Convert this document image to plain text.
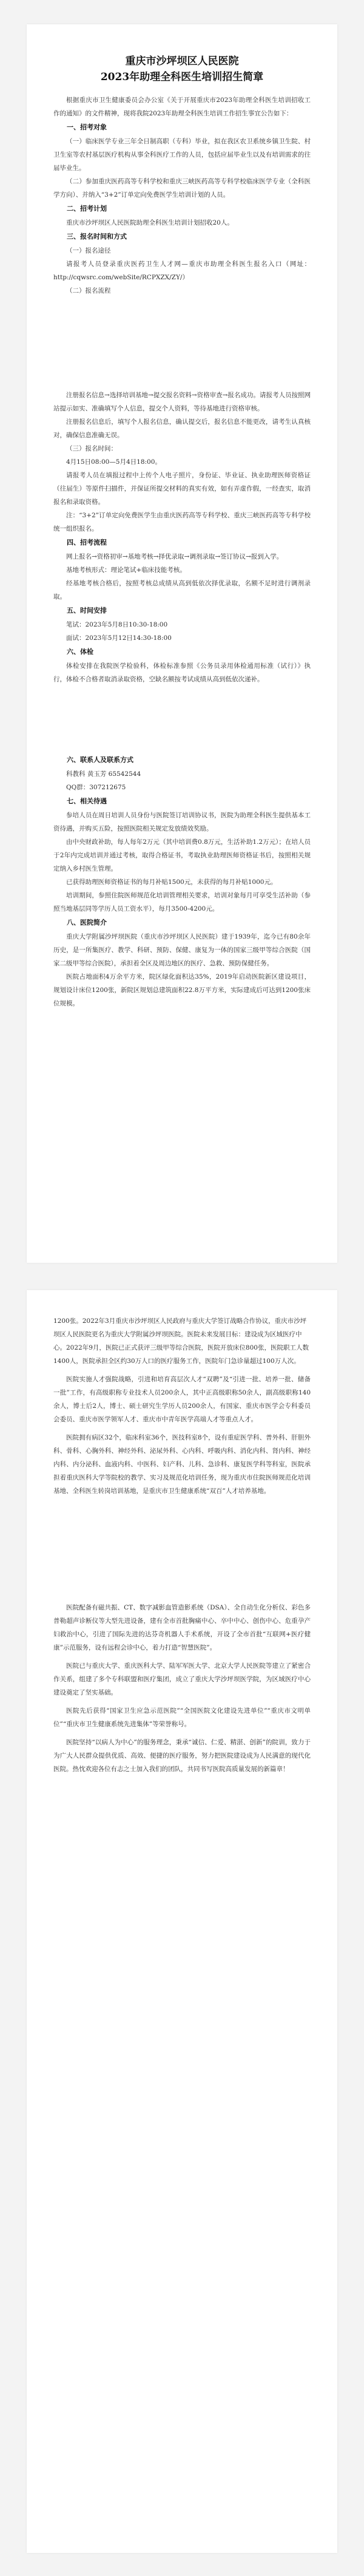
重庆市沙坪坝区人民医院
2023年助理全科医生培训招生简章

根据重庆市卫生健康委员会办公室《关于开展重庆市2023年助理全科医生培训招收工作的通知》的文件精神，现将我院2023年助理全科医生培训工作招生事宜公告如下：

一、招考对象

（一）临床医学专业三年全日制高职（专科）毕业，拟在我区农卫系统乡镇卫生院、村卫生室等农村基层医疗机构从事全科医疗工作的人员，包括应届毕业生以及有培训需求的往届毕业生。

（二）参加重庆医药高等专科学校和重庆三峡医药高等专科学校临床医学专业（全科医学方向）、并纳入“3+2”订单定向免费医学生培训计划的人员。

二、招考计划

重庆市沙坪坝区人民医院助理全科医生培训计划招收20人。

三、报名时间和方式

（一）报名途径

请报考人员登录重庆医药卫生人才网—重庆市助理全科医生报名入口（网址：http://cqwsrc.com/webSite/RCPXZX/ZY/）

（二）报名流程

注册报名信息→选择培训基地→提交报名资料→资格审查→报名成功。请报考人员按照网站提示如实、准确填写个人信息，提交个人资料，等待基地进行资格审核。

注册报名信息后，填写个人报名信息，确认提交后，报名信息不能更改，请考生认真核对，确保信息准确无误。

（三）报名时间：

4月15日08:00—5月4日18:00。

请报考人员在填报过程中上传个人电子照片，身份证、毕业证、执业助理医师资格证（往届生）等原件扫描件，并保证所提交材料的真实有效，如有弄虚作假，一经查实，取消报名和录取资格。

注：“3+2”订单定向免费医学生由重庆医药高等专科学校、重庆三峡医药高等专科学校统一组织报名。

四、招考流程

网上报名→资格初审→基地考核→择优录取→调剂录取→签订协议→报到入学。

基地考核形式：理论笔试+临床技能考核。

经基地考核合格后，按照考核总成绩从高到低依次择优录取，名额不足时进行调剂录取。

五、时间安排

笔试：2023年5月8日10:30-18:00

面试：2023年5月12日14:30-18:00

六、体检

体检安排在我院医学检验科，体检标准参照《公务员录用体检通用标准（试行）》执行，体检不合格者取消录取资格，空缺名额按考试成绩从高到低依次递补。

六、联系人及联系方式

科教科 黄玉芳 65542544

QQ群：307212675

七、相关待遇

参培人员在周日培训人员身份与医院签订培训协议书，医院为助理全科医生提供基本工资待遇，并购买五险，按照医院相关规定发放绩效奖励。

由中央财政补助，每人每年2万元（其中培训费0.8万元，生活补助1.2万元）；在培人员于2年内完成培训并通过考核，取得合格证书，考取执业助理医师资格证书后，按照相关规定纳入乡村医生管理。

已获得助理医师资格证书的每月补贴1500元，未获得的每月补贴1000元。

培训期间，参照住院医师规范化培训管理相关要求，培训对象每月可享受生活补助（参照当地基层同等学历人员工资水平），每月3500-4200元。

八、医院简介

重庆大学附属沙坪坝医院（重庆市沙坪坝区人民医院）建于1939年，迄今已有80余年历史，是一所集医疗、教学、科研、预防、保健、康复为一体的国家三级甲等综合医院（国家二级甲等综合医院），承担着全区及周边地区的医疗、急救、预防保健任务。

医院占地面积4万余平方米，院区绿化面积达35%，2019年启动医院新区建设项目，规划设计床位1200张，新院区规划总建筑面积22.8万平方米，实际建成后可达到1200张床位规模。

1200张。2022年3月重庆市沙坪坝区人民政府与重庆大学签订战略合作协议，重庆市沙坪坝区人民医院更名为重庆大学附属沙坪坝医院。医院未来发展目标：建设成为区域医疗中心。2022年9月，医院已正式获评三级甲等综合医院，医院开放床位800张，医院职工人数1400人，医院承担全区约30万人口的医疗服务工作，医院年门急诊量超过100万人次。

医院实施人才强院战略，引进和培育高层次人才“双聘”及“引进一批、培养一批、储备一批”工作，有高级职称专业技术人员200余人，其中正高级职称50余人，副高级职称140余人，博士后2人，博士、硕士研究生学历人员200余人，有国家、重庆市医学会专科委员会委员、重庆市医学领军人才、重庆市中青年医学高端人才等重点人才。

医院拥有病区32个，临床科室36个，医技科室8个，设有重症医学科、普外科、肝胆外科、骨科、心胸外科、神经外科、泌尿外科、心内科、呼吸内科、消化内科、肾内科、神经内科、内分泌科、血液内科、中医科、妇产科、儿科、急诊科、康复医学科等科室，医院承担着重庆医科大学等院校的教学、实习及规范化培训任务，现为重庆市住院医师规范化培训基地、全科医生转岗培训基地，是重庆市卫生健康系统“双百”人才培养基地。

医院配备有磁共振、CT、数字减影血管造影系统（DSA）、全自动生化分析仪、彩色多普勒超声诊断仪等大型先进设备，建有全市首批胸痛中心、卒中中心、创伤中心、危重孕产妇救治中心，引进了国际先进的达芬奇机器人手术系统，开设了全市首批“互联网+医疗健康”示范服务，设有远程会诊中心，着力打造“智慧医院”。

医院已与重庆大学、重庆医科大学、陆军军医大学、北京大学人民医院等建立了紧密合作关系，组建了多个专科联盟和医疗集团，成立了重庆大学沙坪坝医学院，为区域医疗中心建设奠定了坚实基础。

医院先后获得“国家卫生应急示范医院”“全国医院文化建设先进单位”“重庆市文明单位”“重庆市卫生健康系统先进集体”等荣誉称号。

医院坚持“以病人为中心”的服务理念，秉承“诚信、仁爱、精湛、创新”的院训，致力于为广大人民群众提供优质、高效、便捷的医疗服务，努力把医院建设成为人民满意的现代化医院。热忱欢迎各位有志之士加入我们的团队，共同书写医院高质量发展的新篇章！
